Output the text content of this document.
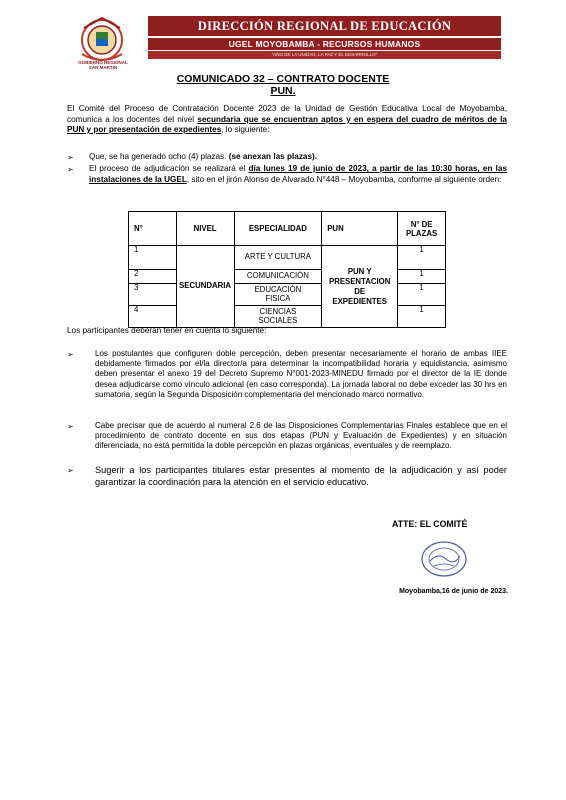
GOBIERNO REGIONAL
SAN MARTIN
DIRECCIÓN REGIONAL DE EDUCACIÓN
UGEL MOYOBAMBA - RECURSOS HUMANOS
"AÑO DE LA UNIDAD, LA PAZ Y EL DESARROLLO"
COMUNICADO 32 – CONTRATO DOCENTE
PUN.
El Comité del Proceso de Contratación Docente 2023 de la Unidad de Gestión Educativa Local de Moyobamba, comunica a los docentes del nivel secundaria que se encuentran aptos y en espera del cuadro de méritos de la PUN y por presentación de expedientes, lo siguiente:
➢ Que, se ha generado ocho (4) plazas. (se anexan las plazas).
➢ El proceso de adjudicación se realizará el día lunes 19 de junio de 2023, a partir de las 10:30 horas, en las instalaciones de la UGEL, sito en el jirón Alonso de Alvarado N°448 – Moyobamba, conforme al siguiente orden:
N°	NIVEL	ESPECIALIDAD	PUN	N° DE PLAZAS
1	SECUNDARIA	ARTE Y CULTURA	PUN Y PRESENTACION DE EXPEDIENTES	1
2		COMUNICACIÓN		1
3		EDUCACIÓN FISICA		1
4		CIENCIAS SOCIALES		1
Los participantes deberán tener en cuenta lo siguiente:
➢	Los postulantes que configuren doble percepción, deben presentar necesariamente el horario de ambas IIEE debidamente firmados por el/la director/a para determinar la incompatibilidad horaria y equidistancia, asimismo deben presentar el anexo 19 del Decreto Supremo N°001-2023-MINEDU firmado por el director de la IE donde desea adjudicarse como vínculo adicional (en caso corresponda). La jornada laboral no debe exceder las 30 hrs en sumatoria, según la Segunda Disposición complementaria del mencionado marco normativo.
➢	Cabe precisar que de acuerdo al numeral 2.6 de las Disposiciones Complementarias Finales establece que en el procedimiento de contrato docente en sus dos etapas (PUN y Evaluación de Expedientes) y en situación diferenciada, no está permitida la doble percepción en plazas orgánicas, eventuales y de reemplazo.
➢ Sugerir a los participantes titulares estar presentes al momento de la adjudicación y así poder garantizar la coordinación para la atención en el servicio educativo.
ATTE: EL COMITÉ
Moyobamba,16 de junio de 2023.
